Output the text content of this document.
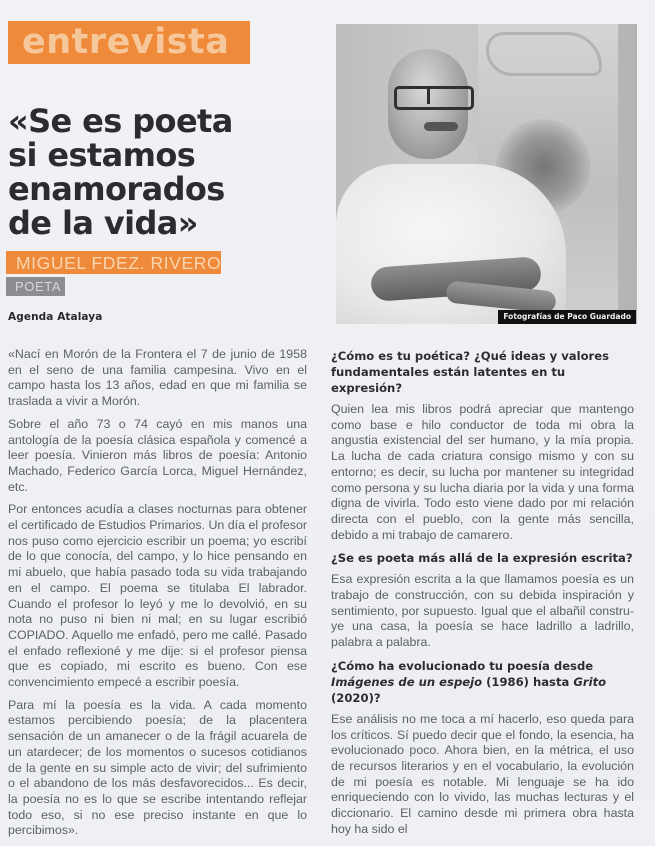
entrevista
«Se es poeta
si estamos
enamorados
de la vida»
MIGUEL FDEZ. RIVERO
POETA
Agenda Atalaya	Fotografías de Paco Guardado

«Nací en Morón de la Frontera el 7 de junio de 1958 en el seno de una familia campesina. Vivo en el campo hasta los 13 años, edad en que mi familia se traslada a vivir a Morón.

Sobre el año 73 o 74 cayó en mis manos una antología de la poesía clásica española y comencé a leer poesía. Vinieron más libros de poesía: Antonio Machado, Federico García Lorca, Miguel Hernández, etc.

Por entonces acudía a clases nocturnas para obtener el certificado de Estudios Primarios. Un día el profesor nos puso como ejercicio escribir un poema; yo escribí de lo que conocía, del campo, y lo hice pensando en mi abuelo, que había pasado toda su vida trabajando en el campo. El poema se titulaba El labrador. Cuando el profesor lo leyó y me lo devolvió, en su nota no puso ni bien ni mal; en su lugar escribió COPIADO. Aquello me enfadó, pero me callé. Pasado el enfado reflexioné y me dije: si el profesor piensa que es copiado, mi escrito es bueno. Con ese convencimiento empecé a escribir poesía.

Para mí la poesía es la vida. A cada momento estamos percibiendo poesía; de la placentera sensación de un amanecer o de la frágil acuarela de un atardecer; de los momentos o sucesos cotidianos de la gente en su simple acto de vivir; del sufrimiento o el abandono de los más desfavorecidos... Es decir, la poesía no es lo que se escribe intentando reflejar todo eso, si no ese preciso instante en que lo percibimos».

¿Cómo es tu poética? ¿Qué ideas y valores fundamentales están latentes en tu expresión?

Quien lea mis libros podrá apreciar que mantengo como base e hilo conductor de toda mi obra la angustia existencial del ser humano, y la mía propia. La lucha de cada criatura consigo mismo y con su entorno; es decir, su lucha por mantener su integridad como persona y su lucha diaria por la vida y una forma digna de vivirla. Todo esto viene dado por mi relación directa con el pueblo, con la gente más sencilla, debido a mi trabajo de camarero.

¿Se es poeta más allá de la expresión escrita?

Esa expresión escrita a la que llamamos poesía es un trabajo de construcción, con su debida inspiración y sentimiento, por supuesto. Igual que el albañil construye una casa, la poesía se hace ladrillo a ladrillo, palabra a palabra.

¿Cómo ha evolucionado tu poesía desde Imágenes de un espejo (1986) hasta Grito (2020)?

Ese análisis no me toca a mí hacerlo, eso queda para los críticos. Sí puedo decir que el fondo, la esencia, ha evolucionado poco. Ahora bien, en la métrica, el uso de recursos literarios y en el vocabulario, la evolución de mi poesía es notable. Mi lenguaje se ha ido enriqueciendo con lo vivido, las muchas lecturas y el diccionario. El camino desde mi primera obra hasta hoy ha sido el
